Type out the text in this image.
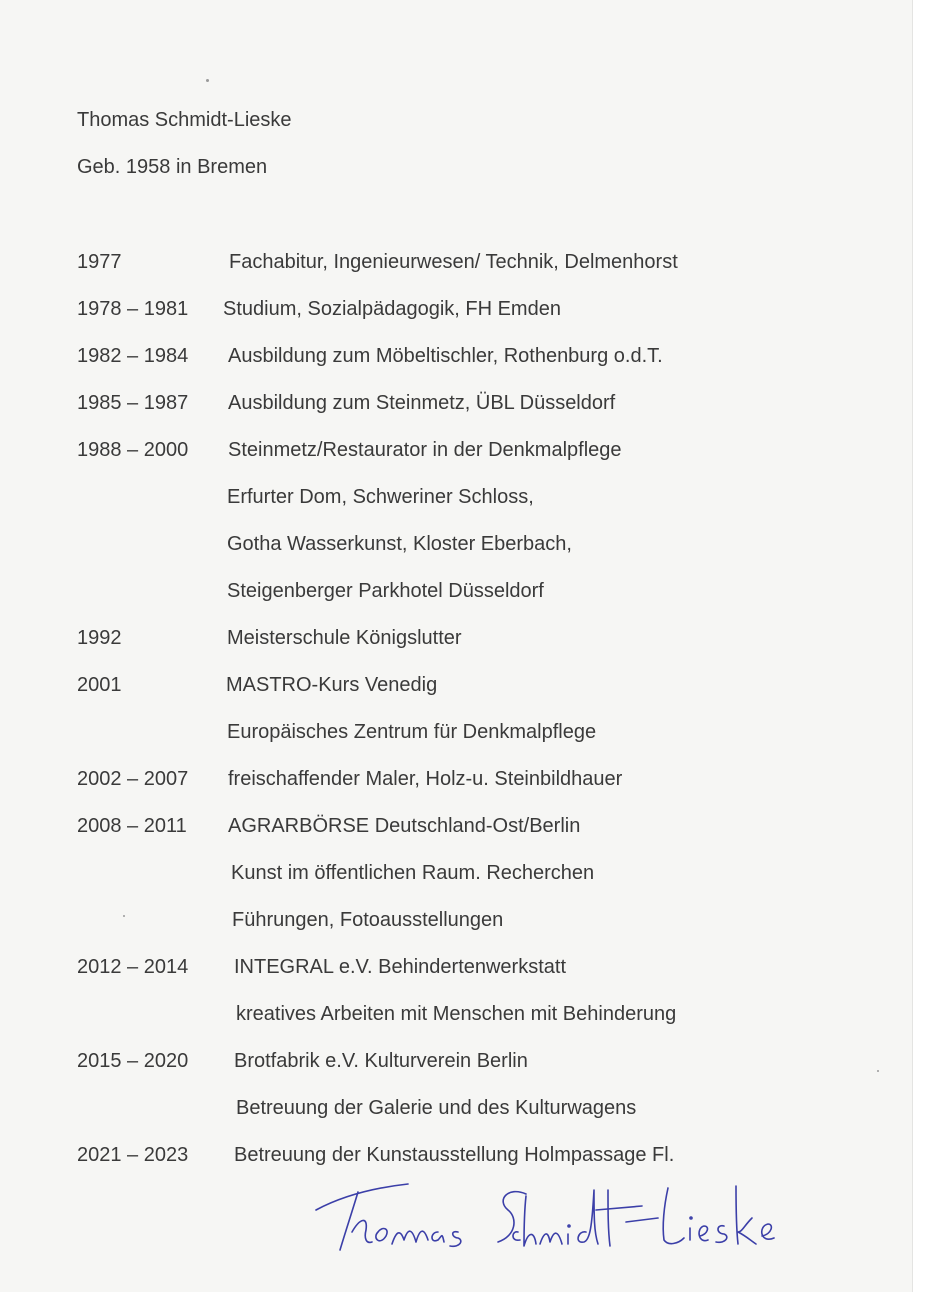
Thomas Schmidt-Lieske
Geb. 1958 in Bremen
1977	Fachabitur, Ingenieurwesen/ Technik, Delmenhorst
1978 – 1981 Studium, Sozialpädagogik, FH Emden
1982 – 1984 Ausbildung zum Möbeltischler, Rothenburg o.d.T.
1985 – 1987 Ausbildung zum Steinmetz, ÜBL Düsseldorf
1988 – 2000 Steinmetz/Restaurator in der Denkmalpflege
Erfurter Dom, Schweriner Schloss,
Gotha Wasserkunst, Kloster Eberbach,
Steigenberger Parkhotel Düsseldorf
1992	Meisterschule Königslutter
2001	MASTRO-Kurs Venedig
Europäisches Zentrum für Denkmalpflege
2002 – 2007 freischaffender Maler, Holz-u. Steinbildhauer
2008 – 2011 AGRARBÖRSE Deutschland-Ost/Berlin
Kunst im öffentlichen Raum. Recherchen
Führungen, Fotoausstellungen
2012 – 2014 INTEGRAL e.V. Behindertenwerkstatt
kreatives Arbeiten mit Menschen mit Behinderung
2015 – 2020 Brotfabrik e.V. Kulturverein Berlin
Betreuung der Galerie und des Kulturwagens
2021 – 2023 Betreuung der Kunstausstellung Holmpassage Fl.
